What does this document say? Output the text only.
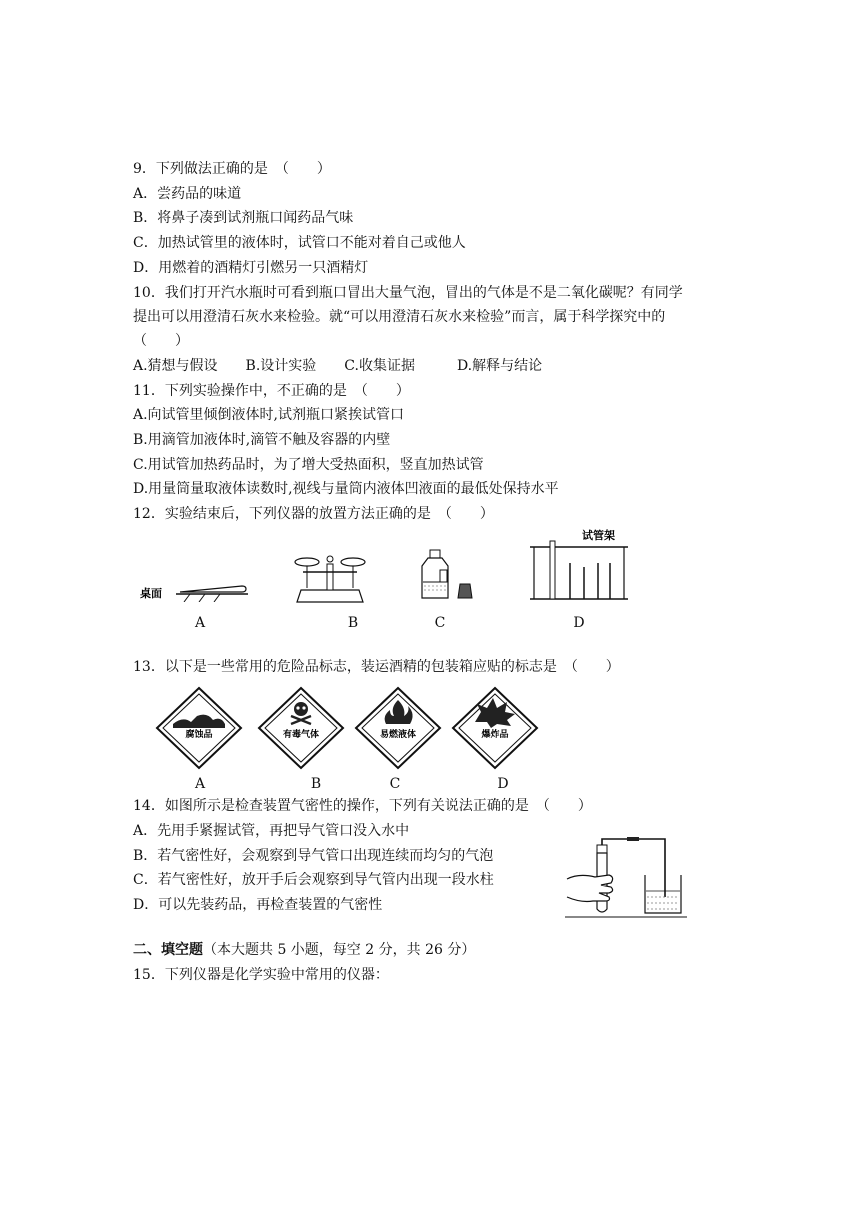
9．下列做法正确的是　（　　）
A．尝药品的味道
B．将鼻子凑到试剂瓶口闻药品气味
C．加热试管里的液体时，试管口不能对着自己或他人
D．用燃着的酒精灯引燃另一只酒精灯
10．我们打开汽水瓶时可看到瓶口冒出大量气泡，冒出的气体是不是二氧化碳呢？有同学
提出可以用澄清石灰水来检验。就“可以用澄清石灰水来检验”而言，属于科学探究中的
（　　）
A.猜想与假设　　B.设计实验　　C.收集证据　　　D.解释与结论
11．下列实验操作中，不正确的是　（　　）
A.向试管里倾倒液体时,试剂瓶口紧挨试管口
B.用滴管加液体时,滴管不触及容器的内壁
C.用试管加热药品时，为了增大受热面积，竖直加热试管
D.用量筒量取液体读数时,视线与量筒内液体凹液面的最低处保持水平
12．实验结束后，下列仪器的放置方法正确的是　（　　）
桌面
试管架
A	B	C	D
13．以下是一些常用的危险品标志，装运酒精的包装箱应贴的标志是　（　　）
腐蚀品	有毒气体	易燃液体	爆炸品
A	B	C	D
14．如图所示是检查装置气密性的操作，下列有关说法正确的是　（　　）
A．先用手紧握试管，再把导气管口没入水中
B．若气密性好，会观察到导气管口出现连续而均匀的气泡
C．若气密性好，放开手后会观察到导气管内出现一段水柱
D．可以先装药品，再检查装置的气密性
二、填空题（本大题共 5 小题，每空 2 分，共 26 分）
15．下列仪器是化学实验中常用的仪器：
